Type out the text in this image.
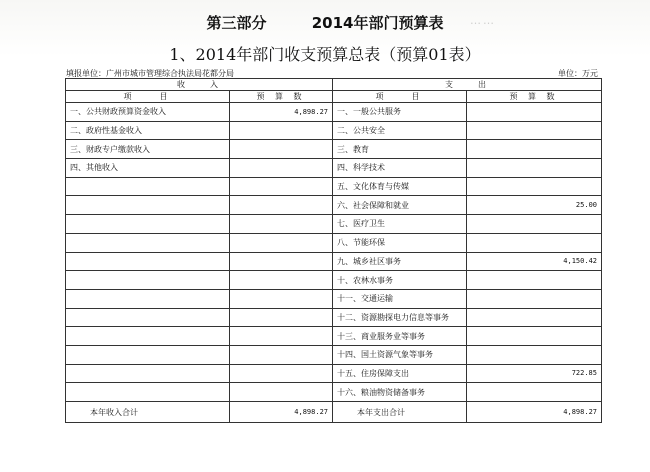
……
第三部分	2014年部门预算表
1、2014年部门收支预算总表（预算01表）
填报单位：广州市城市管理综合执法局花都分局	单位：万元
收　　入		支　　出	
项　　目	预 算 数	项　　目	预 算 数
一、公共财政预算资金收入	4,898.27	一、一般公共服务	
二、政府性基金收入		二、公共安全	
三、财政专户缴款收入		三、教育	
四、其他收入		四、科学技术	
		五、文化体育与传媒	
		六、社会保障和就业	25.00
		七、医疗卫生	
		八、节能环保	
		九、城乡社区事务	4,150.42
		十、农林水事务	
		十一、交通运输	
		十二、资源勘探电力信息等事务	
		十三、商业服务业等事务	
		十四、国土资源气象等事务	
		十五、住房保障支出	722.85
		十六、粮油物资储备事务	
本年收入合计	4,898.27	本年支出合计	4,898.27
